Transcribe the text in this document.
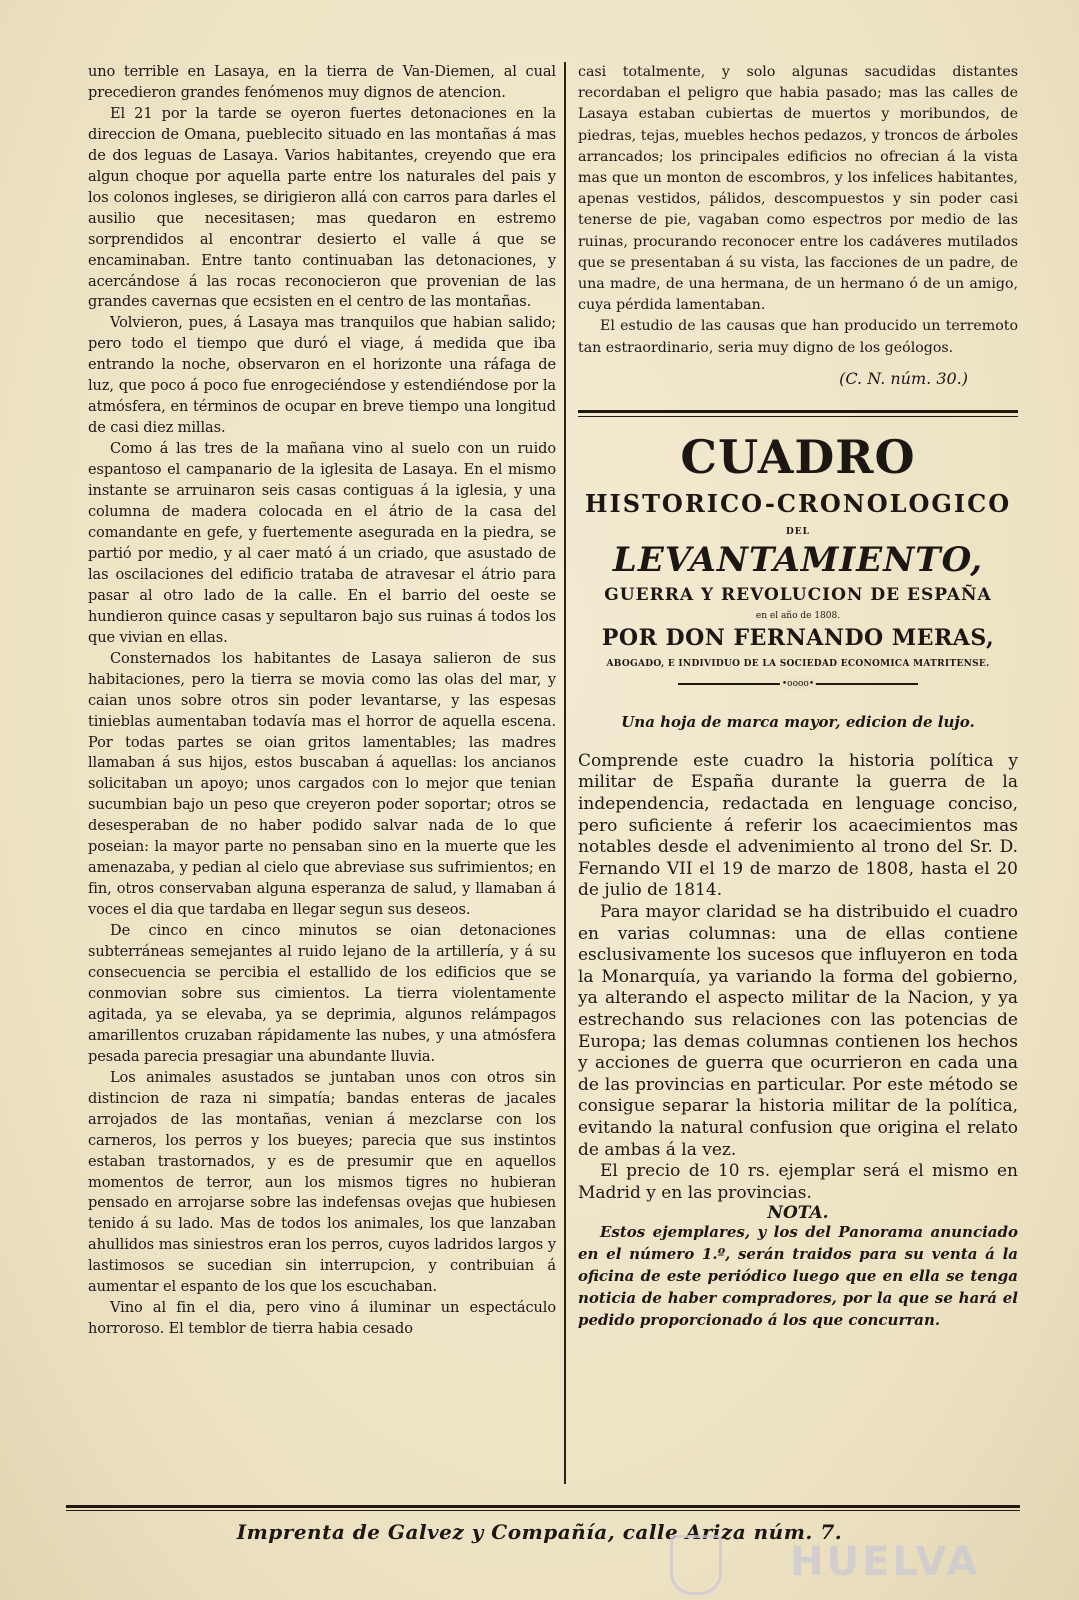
uno terrible en Lasaya, en la tierra de Van-Diemen, al cual precedieron grandes fenómenos muy dignos de atencion.

El 21 por la tarde se oyeron fuertes detonaciones en la direccion de Omana, pueblecito situado en las montañas á mas de dos leguas de Lasaya. Varios habitantes, creyendo que era algun choque por aquella parte entre los naturales del pais y los colonos ingleses, se dirigieron allá con carros para darles el ausilio que necesitasen; mas quedaron en estremo sorprendidos al encontrar desierto el valle á que se encaminaban. Entre tanto continuaban las detonaciones, y acercándose á las rocas reconocieron que provenian de las grandes cavernas que ecsisten en el centro de las montañas.

Volvieron, pues, á Lasaya mas tranquilos que habian salido; pero todo el tiempo que duró el viage, á medida que iba entrando la noche, observaron en el horizonte una ráfaga de luz, que poco á poco fue enrogeciéndose y estendiéndose por la atmósfera, en términos de ocupar en breve tiempo una longitud de casi diez millas.

Como á las tres de la mañana vino al suelo con un ruido espantoso el campanario de la iglesita de Lasaya. En el mismo instante se arruinaron seis casas contiguas á la iglesia, y una columna de madera colocada en el átrio de la casa del comandante en gefe, y fuertemente asegurada en la piedra, se partió por medio, y al caer mató á un criado, que asustado de las oscilaciones del edificio trataba de atravesar el átrio para pasar al otro lado de la calle. En el barrio del oeste se hundieron quince casas y sepultaron bajo sus ruinas á todos los que vivian en ellas.

Consternados los habitantes de Lasaya salieron de sus habitaciones, pero la tierra se movia como las olas del mar, y caian unos sobre otros sin poder levantarse, y las espesas tinieblas aumentaban todavía mas el horror de aquella escena. Por todas partes se oian gritos lamentables; las madres llamaban á sus hijos, estos buscaban á aquellas: los ancianos solicitaban un apoyo; unos cargados con lo mejor que tenian sucumbian bajo un peso que creyeron poder soportar; otros se desesperaban de no haber podido salvar nada de lo que poseian: la mayor parte no pensaban sino en la muerte que les amenazaba, y pedian al cielo que abreviase sus sufrimientos; en fin, otros conservaban alguna esperanza de salud, y llamaban á voces el dia que tardaba en llegar segun sus deseos.

De cinco en cinco minutos se oian detonaciones subterráneas semejantes al ruido lejano de la artillería, y á su consecuencia se percibia el estallido de los edificios que se conmovian sobre sus cimientos. La tierra violentamente agitada, ya se elevaba, ya se deprimia, algunos relámpagos amarillentos cruzaban rápidamente las nubes, y una atmósfera pesada parecia presagiar una abundante lluvia.

Los animales asustados se juntaban unos con otros sin distincion de raza ni simpatía; bandas enteras de jacales arrojados de las montañas, venian á mezclarse con los carneros, los perros y los bueyes; parecia que sus instintos estaban trastornados, y es de presumir que en aquellos momentos de terror, aun los mismos tigres no hubieran pensado en arrojarse sobre las indefensas ovejas que hubiesen tenido á su lado. Mas de todos los animales, los que lanzaban ahullidos mas siniestros eran los perros, cuyos ladridos largos y lastimosos se sucedian sin interrupcion, y contribuian á aumentar el espanto de los que los escuchaban.

Vino al fin el dia, pero vino á iluminar un espectáculo horroroso. El temblor de tierra habia cesado

casi totalmente, y solo algunas sacudidas distantes recordaban el peligro que habia pasado; mas las calles de Lasaya estaban cubiertas de muertos y moribundos, de piedras, tejas, muebles hechos pedazos, y troncos de árboles arrancados; los principales edificios no ofrecian á la vista mas que un monton de escombros, y los infelices habitantes, apenas vestidos, pálidos, descompuestos y sin poder casi tenerse de pie, vagaban como espectros por medio de las ruinas, procurando reconocer entre los cadáveres mutilados que se presentaban á su vista, las facciones de un padre, de una madre, de una hermana, de un hermano ó de un amigo, cuya pérdida lamentaban.

El estudio de las causas que han producido un terremoto tan estraordinario, seria muy digno de los geólogos.

(C. N. núm. 30.)
CUADRO
HISTORICO-CRONOLOGICO
DEL
LEVANTAMIENTO,
GUERRA Y REVOLUCION DE ESPAÑA
en el año de 1808.
POR DON FERNANDO MERAS,
ABOGADO, E INDIVIDUO DE LA SOCIEDAD ECONOMICA MATRITENSE.
•oooo•
Una hoja de marca mayor, edicion de lujo.

Comprende este cuadro la historia política y militar de España durante la guerra de la independencia, redactada en lenguage conciso, pero suficiente á referir los acaecimientos mas notables desde el advenimiento al trono del Sr. D. Fernando VII el 19 de marzo de 1808, hasta el 20 de julio de 1814.

Para mayor claridad se ha distribuido el cuadro en varias columnas: una de ellas contiene esclusivamente los sucesos que influyeron en toda la Monarquía, ya variando la forma del gobierno, ya alterando el aspecto militar de la Nacion, y ya estrechando sus relaciones con las potencias de Europa; las demas columnas contienen los hechos y acciones de guerra que ocurrieron en cada una de las provincias en particular. Por este método se consigue separar la historia militar de la política, evitando la natural confusion que origina el relato de ambas á la vez.

El precio de 10 rs. ejemplar será el mismo en Madrid y en las provincias.

NOTA.

Estos ejemplares, y los del Panorama anunciado en el número 1.º, serán traidos para su venta á la oficina de este periódico luego que en ella se tenga noticia de haber compradores, por la que se hará el pedido proporcionado á los que concurran.

Imprenta de Galvez y Compañía, calle Ariza núm. 7.
HUELVA
